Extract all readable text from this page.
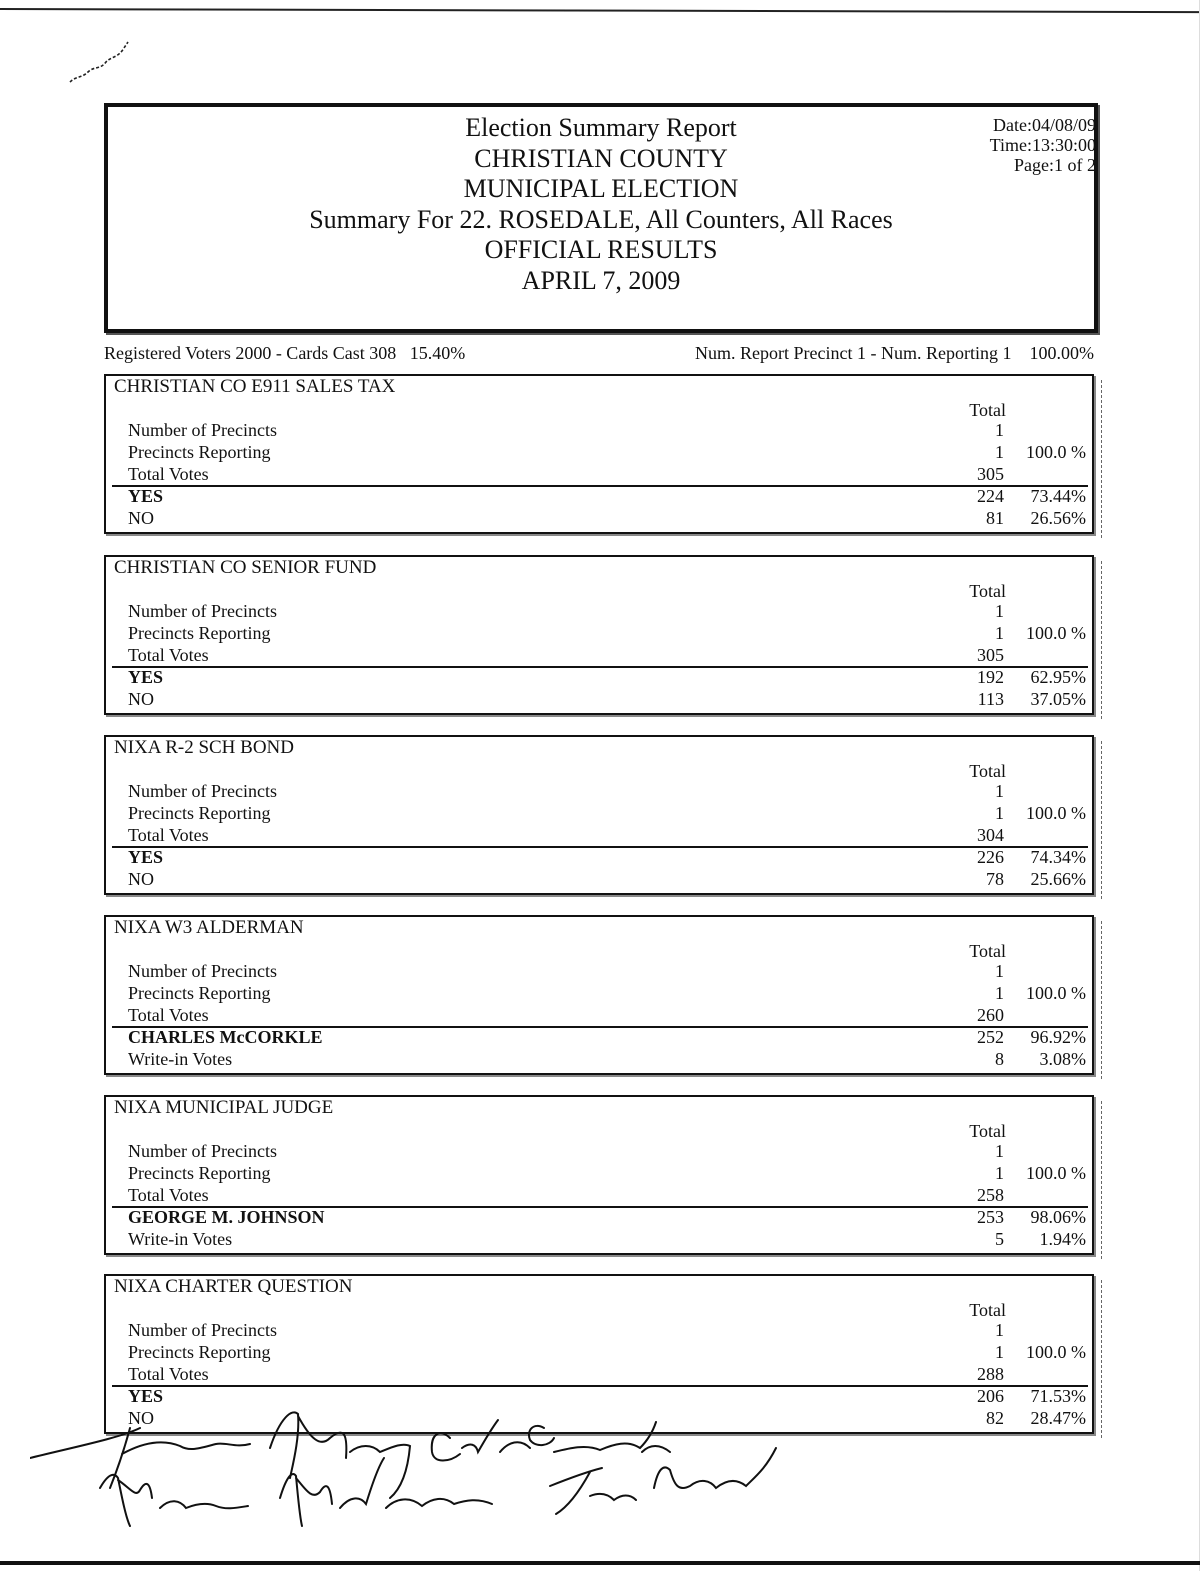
Election Summary Report
CHRISTIAN COUNTY
MUNICIPAL ELECTION
Summary For 22. ROSEDALE, All Counters, All Races
OFFICIAL RESULTS
APRIL 7, 2009
Date:04/08/09
Time:13:30:00
Page:1 of 2
Registered Voters 2000 - Cards Cast 308   15.40%	Num. Report Precinct 1 - Num. Reporting 1    100.00%
CHRISTIAN CO E911 SALES TAX
Total
Number of Precincts	1
Precincts Reporting	1 100.0 %
Total Votes	305
YES	224 73.44%
NO	81 26.56%
CHRISTIAN CO SENIOR FUND
Total
Number of Precincts	1
Precincts Reporting	1 100.0 %
Total Votes	305
YES	192 62.95%
NO	113 37.05%
NIXA R-2 SCH BOND
Total
Number of Precincts	1
Precincts Reporting	1 100.0 %
Total Votes	304
YES	226 74.34%
NO	78 25.66%
NIXA W3 ALDERMAN
Total
Number of Precincts	1
Precincts Reporting	1 100.0 %
Total Votes	260
CHARLES McCORKLE	252 96.92%
Write-in Votes	8 3.08%
NIXA MUNICIPAL JUDGE
Total
Number of Precincts	1
Precincts Reporting	1 100.0 %
Total Votes	258
GEORGE M. JOHNSON	253 98.06%
Write-in Votes	5 1.94%
NIXA CHARTER QUESTION
Total
Number of Precincts	1
Precincts Reporting	1 100.0 %
Total Votes	288
YES	206 71.53%
NO	82 28.47%
